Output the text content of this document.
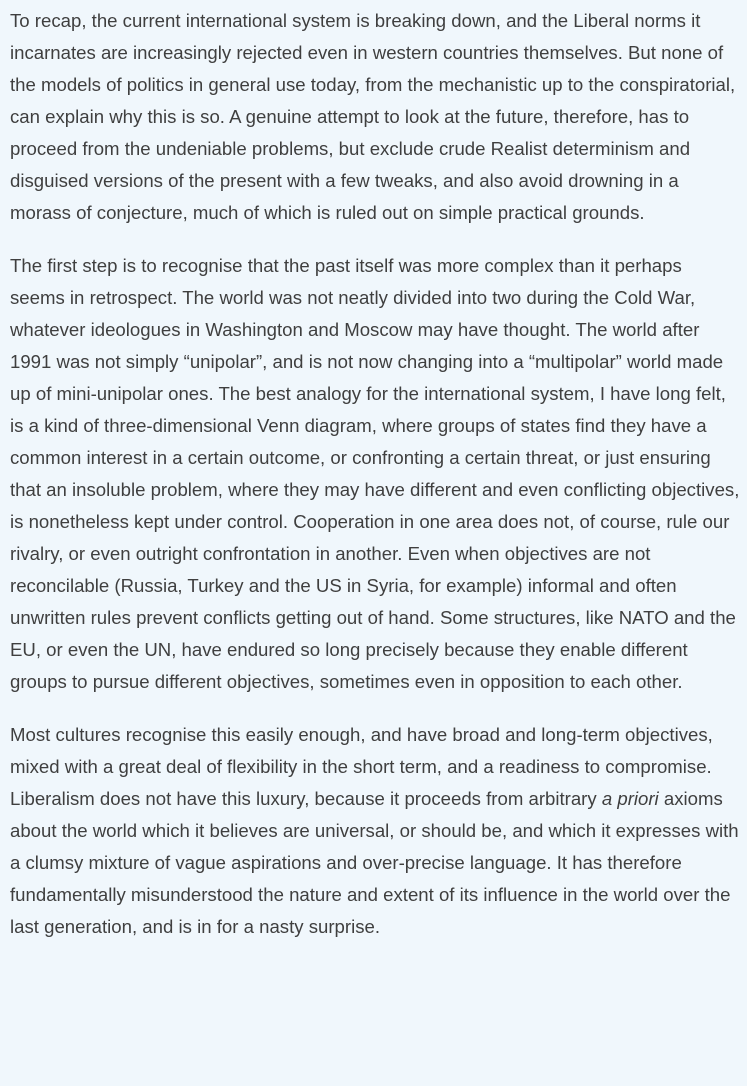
To recap, the current international system is breaking down, and the Liberal norms it incarnates are increasingly rejected even in western countries themselves. But none of the models of politics in general use today, from the mechanistic up to the conspiratorial, can explain why this is so. A genuine attempt to look at the future, therefore, has to proceed from the undeniable problems, but exclude crude Realist determinism and disguised versions of the present with a few tweaks, and also avoid drowning in a morass of conjecture, much of which is ruled out on simple practical grounds.

The first step is to recognise that the past itself was more complex than it perhaps seems in retrospect. The world was not neatly divided into two during the Cold War, whatever ideologues in Washington and Moscow may have thought. The world after 1991 was not simply “unipolar”, and is not now changing into a “multipolar” world made up of mini-unipolar ones. The best analogy for the international system, I have long felt, is a kind of three-dimensional Venn diagram, where groups of states find they have a common interest in a certain outcome, or confronting a certain threat, or just ensuring that an insoluble problem, where they may have different and even conflicting objectives, is nonetheless kept under control. Cooperation in one area does not, of course, rule our rivalry, or even outright confrontation in another. Even when objectives are not reconcilable (Russia, Turkey and the US in Syria, for example) informal and often unwritten rules prevent conflicts getting out of hand. Some structures, like NATO and the EU, or even the UN, have endured so long precisely because they enable different groups to pursue different objectives, sometimes even in opposition to each other.

Most cultures recognise this easily enough, and have broad and long-term objectives, mixed with a great deal of flexibility in the short term, and a readiness to compromise. Liberalism does not have this luxury, because it proceeds from arbitrary a priori axioms about the world which it believes are universal, or should be, and which it expresses with a clumsy mixture of vague aspirations and over-precise language. It has therefore fundamentally misunderstood the nature and extent of its influence in the world over the last generation, and is in for a nasty surprise.
